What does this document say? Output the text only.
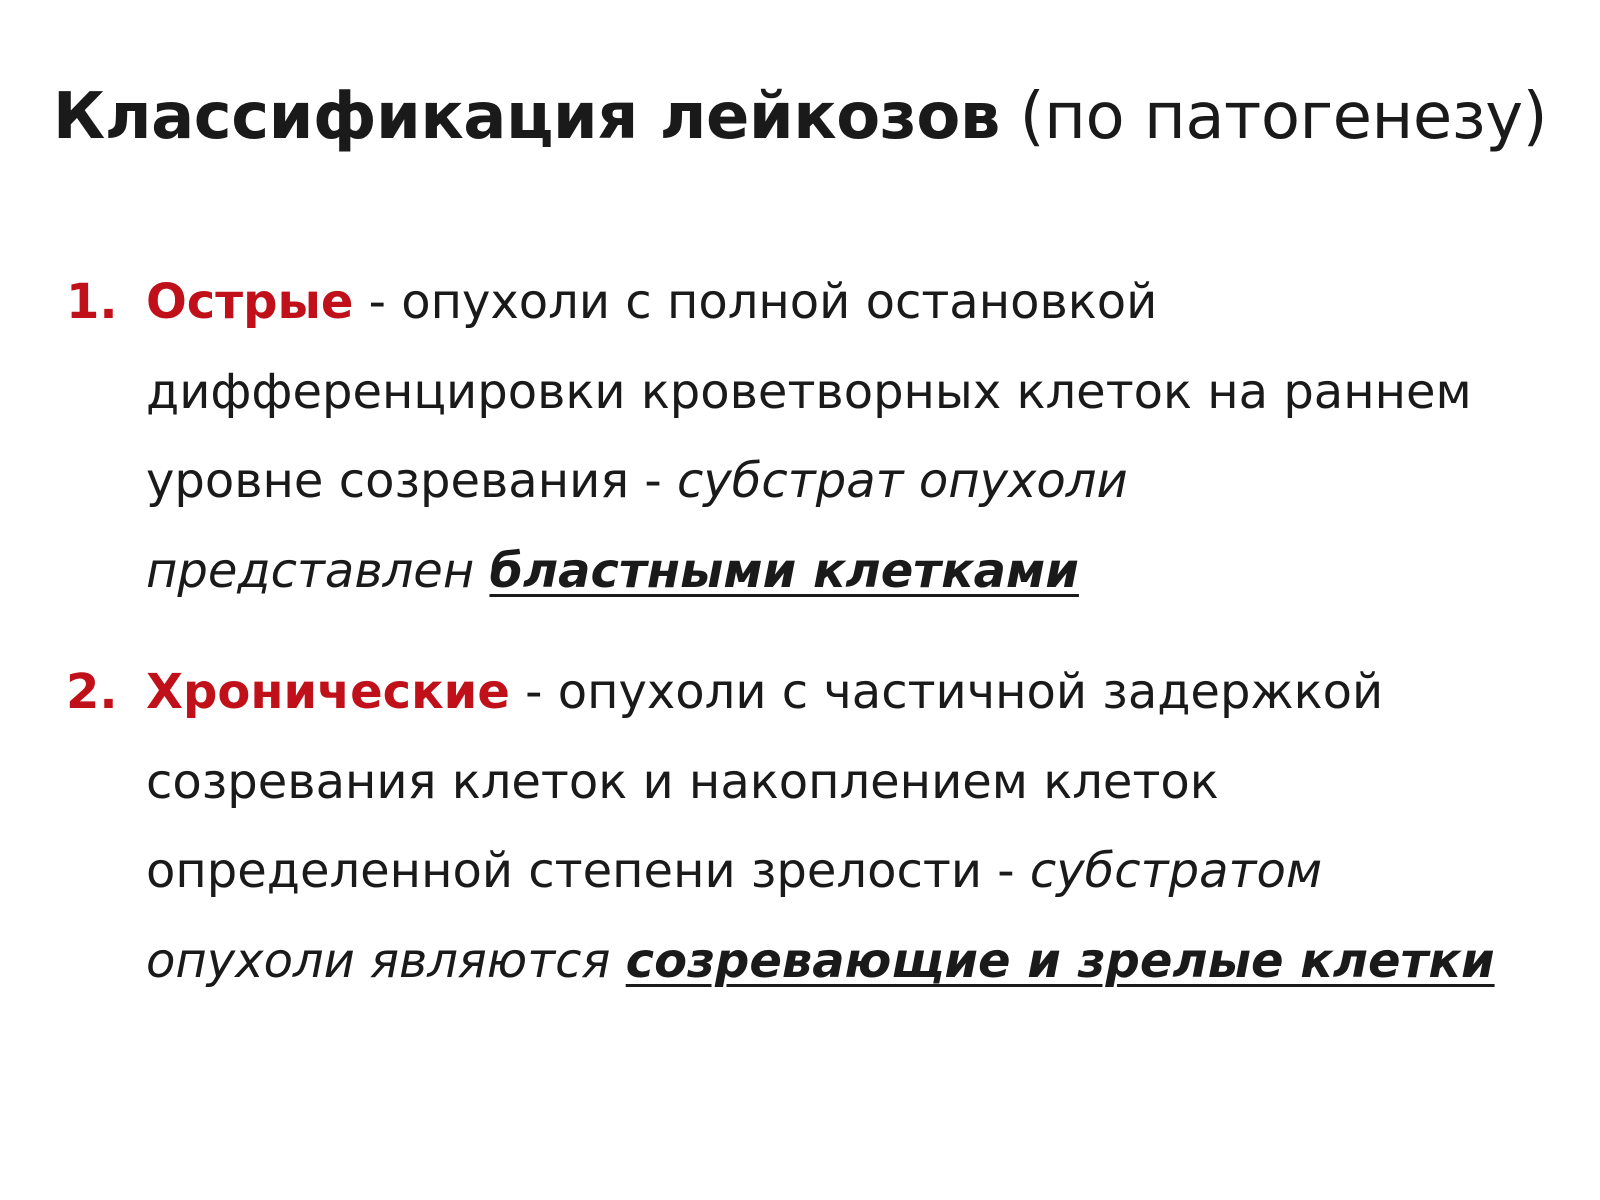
Классификация лейкозов (по патогенезу)
1. Острые - опухоли с полной остановкой
дифференцировки кроветворных клеток на раннем
уровне созревания - субстрат опухоли
представлен бластными клетками
2. Хронические - опухоли с частичной задержкой
созревания клеток и накоплением клеток
определенной степени зрелости - субстратом
опухоли являются созревающие и зрелые клетки
